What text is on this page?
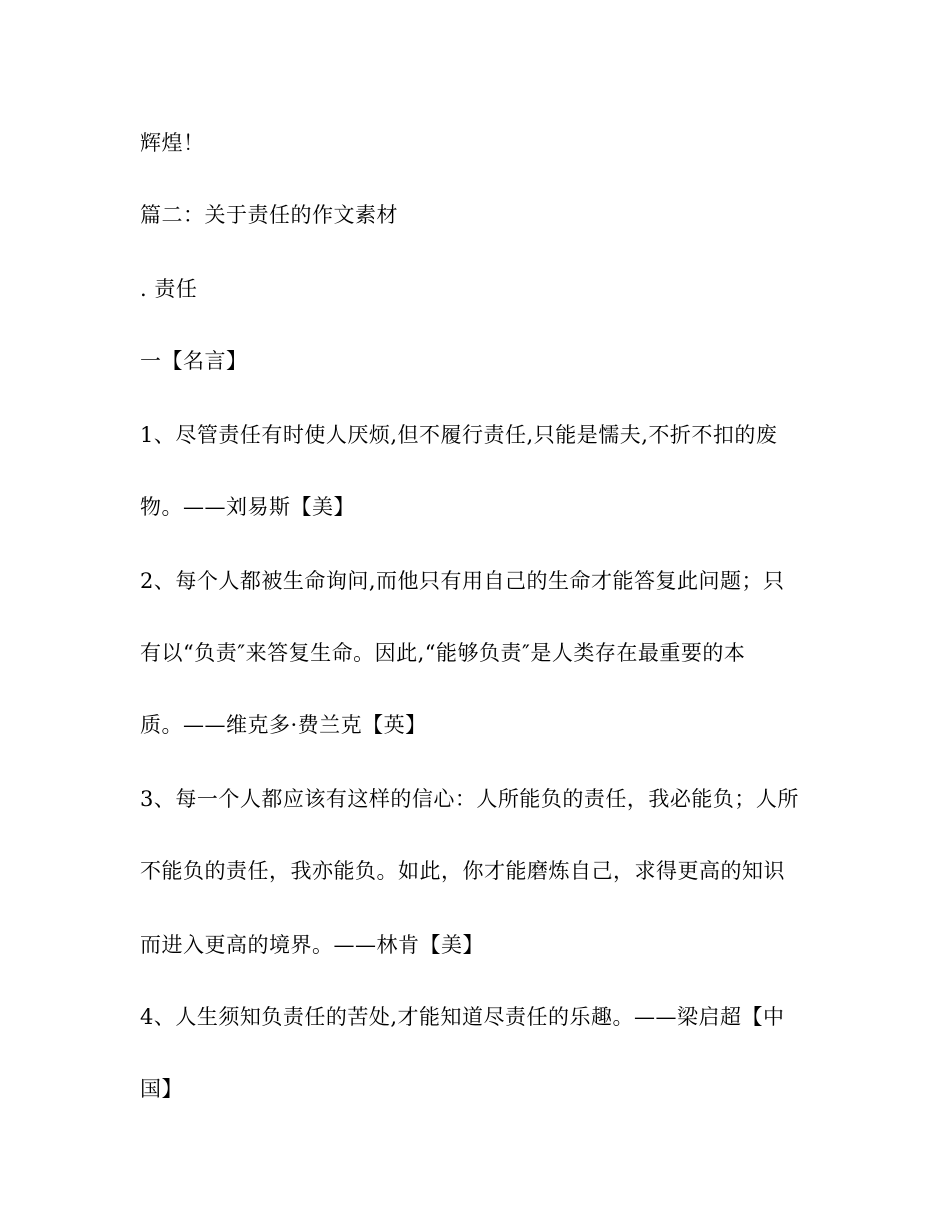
辉煌！
篇二：关于责任的作文素材
. 责任
一【名言】
1、尽管责任有时使人厌烦,但不履行责任,只能是懦夫,不折不扣的废
物。——刘易斯【美】
2、每个人都被生命询问,而他只有用自己的生命才能答复此问题；只
有以“负责″来答复生命。因此,“能够负责″是人类存在最重要的本
质。——维克多·费兰克【英】
3、每一个人都应该有这样的信心：人所能负的责任，我必能负；人所
不能负的责任，我亦能负。如此，你才能磨炼自己，求得更高的知识
而进入更高的境界。——林肯【美】
4、人生须知负责任的苦处,才能知道尽责任的乐趣。——梁启超【中
国】
